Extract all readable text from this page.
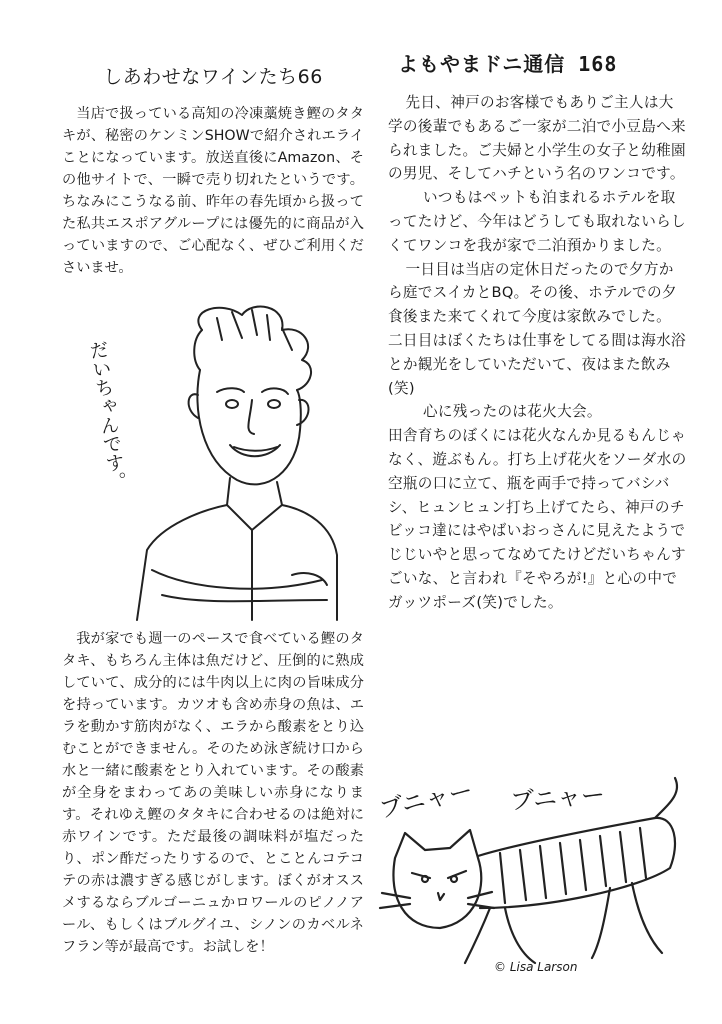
しあわせなワインたち66

当店で扱っている高知の冷凍藁焼き鰹のタタキが、秘密のケンミンSHOWで紹介されエライことになっています。放送直後にAmazon、その他サイトで、一瞬で売り切れたというです。ちなみにこうなる前、昨年の春先頃から扱ってた私共エスポアグループには優先的に商品が入っていますので、ご心配なく、ぜひご利用くださいませ。

だいちゃんです。

我が家でも週一のペースで食べている鰹のタタキ、もちろん主体は魚だけど、圧倒的に熟成していて、成分的には牛肉以上に肉の旨味成分を持っています。カツオも含め赤身の魚は、エラを動かす筋肉がなく、エラから酸素をとり込むことができません。そのため泳ぎ続け口から水と一緒に酸素をとり入れています。その酸素が全身をまわってあの美味しい赤身になります。それゆえ鰹のタタキに合わせるのは絶対に赤ワインです。ただ最後の調味料が塩だったり、ポン酢だったりするので、とことんコテコテの赤は濃すぎる感じがします。ぼくがオススメするならブルゴーニュかロワールのピノノアール、もしくはブルグイユ、シノンのカベルネフラン等が最高です。お試しを！

よもやまドニ通信 168

先日、神戸のお客様でもありご主人は大学の後輩でもあるご一家が二泊で小豆島へ来られました。ご夫婦と小学生の女子と幼稚園の男児、そしてハチという名のワンコです。

いつもはペットも泊まれるホテルを取ってたけど、今年はどうしても取れないらしくてワンコを我が家で二泊預かりました。

一日目は当店の定休日だったので夕方から庭でスイカとBQ。その後、ホテルでの夕食後また来てくれて今度は家飲みでした。

二日目はぼくたちは仕事をしてる間は海水浴とか観光をしていただいて、夜はまた飲み(笑)

心に残ったのは花火大会。

田舎育ちのぼくには花火なんか見るもんじゃなく、遊ぶもん。打ち上げ花火をソーダ水の空瓶の口に立て、瓶を両手で持ってバシバシ、ヒュンヒュン打ち上げてたら、神戸のチビッコ達にはやばいおっさんに見えたようでじじいやと思ってなめてたけどだいちゃんすごいな、と言われ『そやろが!』と心の中でガッツポーズ(笑)でした。

ブニャー ブニャー
© Lisa Larson
